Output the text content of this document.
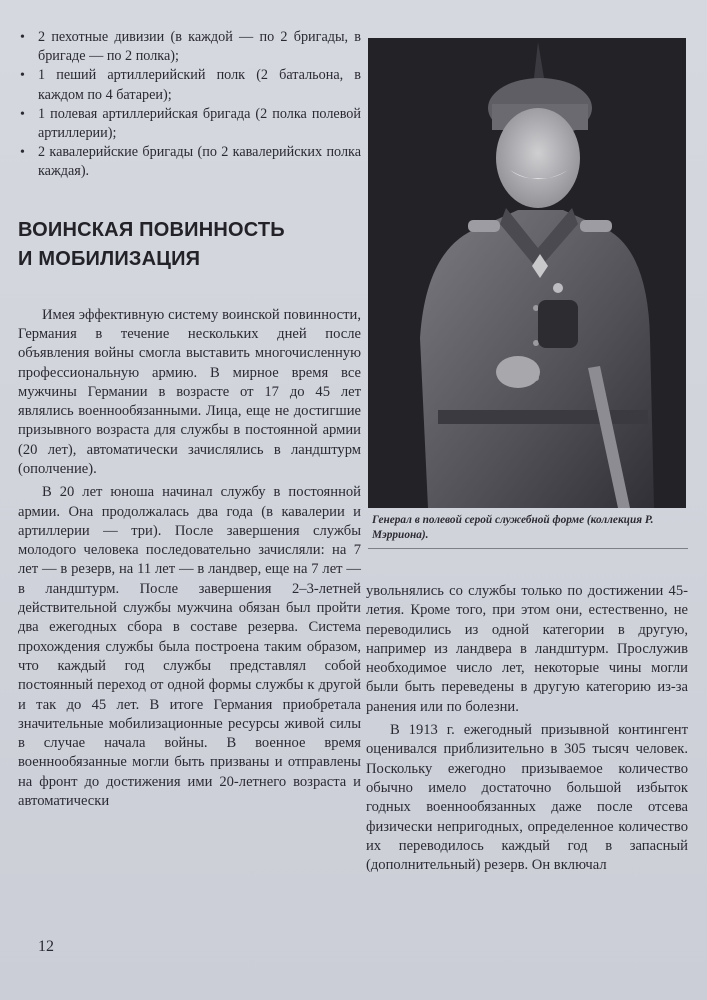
• 2 пехотные дивизии (в каждой — по 2 бригады, в бригаде — по 2 полка);
• 1 пеший артиллерийский полк (2 батальона, в каждом по 4 батареи);
• 1 полевая артиллерийская бригада (2 полка полевой артиллерии);
• 2 кавалерийские бригады (по 2 кавалерийских полка каждая).
ВОИНСКАЯ ПОВИННОСТЬ
И МОБИЛИЗАЦИЯ

Имея эффективную систему воинской повинности, Германия в течение нескольких дней после объявления войны смогла выставить многочисленную профессиональную армию. В мирное время все мужчины Германии в возрасте от 17 до 45 лет являлись военнообязанными. Лица, еще не достигшие призывного возраста для службы в постоянной армии (20 лет), автоматически зачислялись в ландштурм (ополчение).

В 20 лет юноша начинал службу в постоянной армии. Она продолжалась два года (в кавалерии и артиллерии — три). После завершения службы молодого человека последовательно зачисляли: на 7 лет — в резерв, на 11 лет — в ландвер, еще на 7 лет — в ландштурм. После завершения 2–3-летней действительной службы мужчина обязан был пройти два ежегодных сбора в составе резерва. Система прохождения службы была построена таким образом, что каждый год службы представлял собой постоянный переход от одной формы службы к другой и так до 45 лет. В итоге Германия приобретала значительные мобилизационные ресурсы живой силы в случае начала войны. В военное время военнообязанные могли быть призваны и отправлены на фронт до достижения ими 20-летнего возраста и автоматически

Генерал в полевой серой служебной форме (коллекция Р. Мэрриона).

увольнялись со службы только по достижении 45-летия. Кроме того, при этом они, естественно, не переводились из одной категории в другую, например из ландвера в ландштурм. Прослужив необходимое число лет, некоторые чины могли были быть переведены в другую категорию из-за ранения или по болезни.

В 1913 г. ежегодный призывной контингент оценивался приблизительно в 305 тысяч человек. Поскольку ежегодно призываемое количество обычно имело достаточно большой избыток годных военнообязанных даже после отсева физически непригодных, определенное количество их переводилось каждый год в запасный (дополнительный) резерв. Он включал

12
